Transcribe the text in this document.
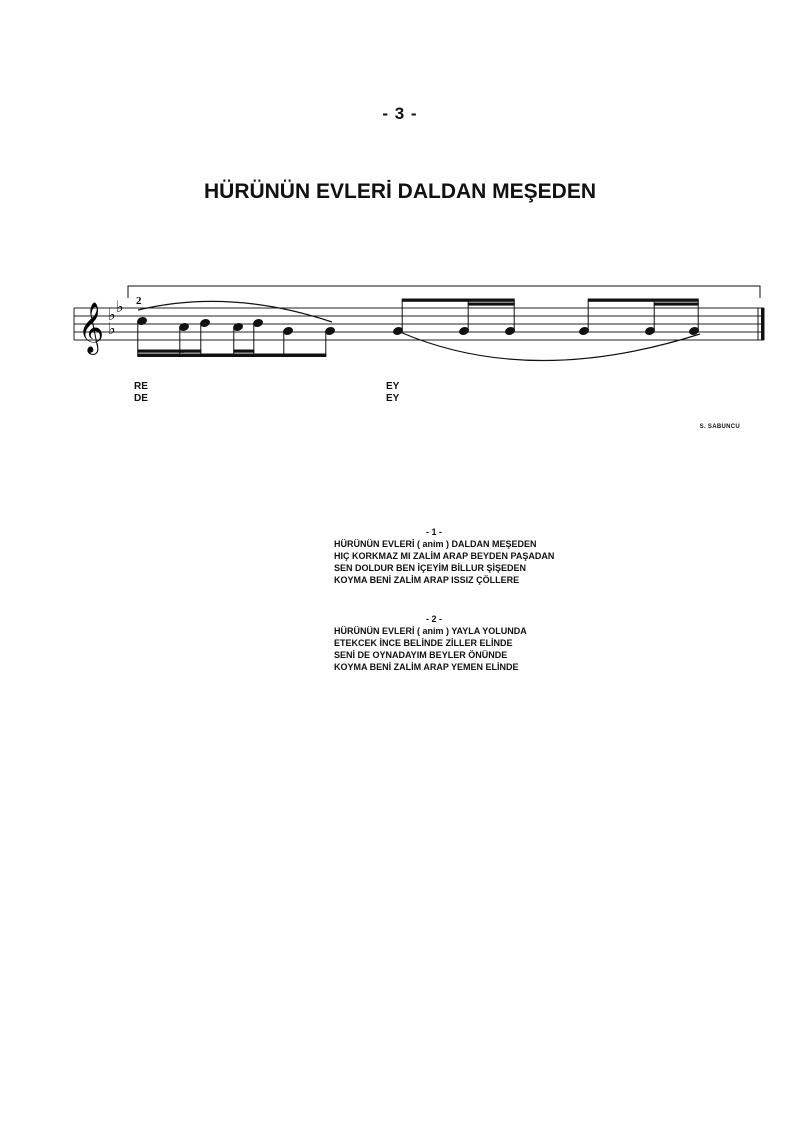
- 3 -
HÜRÜNÜN EVLERİ DALDAN MEŞEDEN
2
𝄞 ♭ ♭
♭
RE
DE
EY
EY
S. SABUNCU
- 1 -
HÜRÜNÜN EVLERİ ( anim ) DALDAN MEŞEDEN
HIÇ KORKMAZ MI ZALİM ARAP BEYDEN PAŞADAN
SEN DOLDUR BEN İÇEYİM BİLLUR ŞİŞEDEN
KOYMA BENİ ZALİM ARAP ISSIZ ÇÖLLERE
- 2 -
HÜRÜNÜN EVLERİ ( anim ) YAYLA YOLUNDA
ETEKCEK İNCE BELİNDE ZİLLER ELİNDE
SENİ DE OYNADAYIM BEYLER ÖNÜNDE
KOYMA BENİ ZALİM ARAP YEMEN ELİNDE
